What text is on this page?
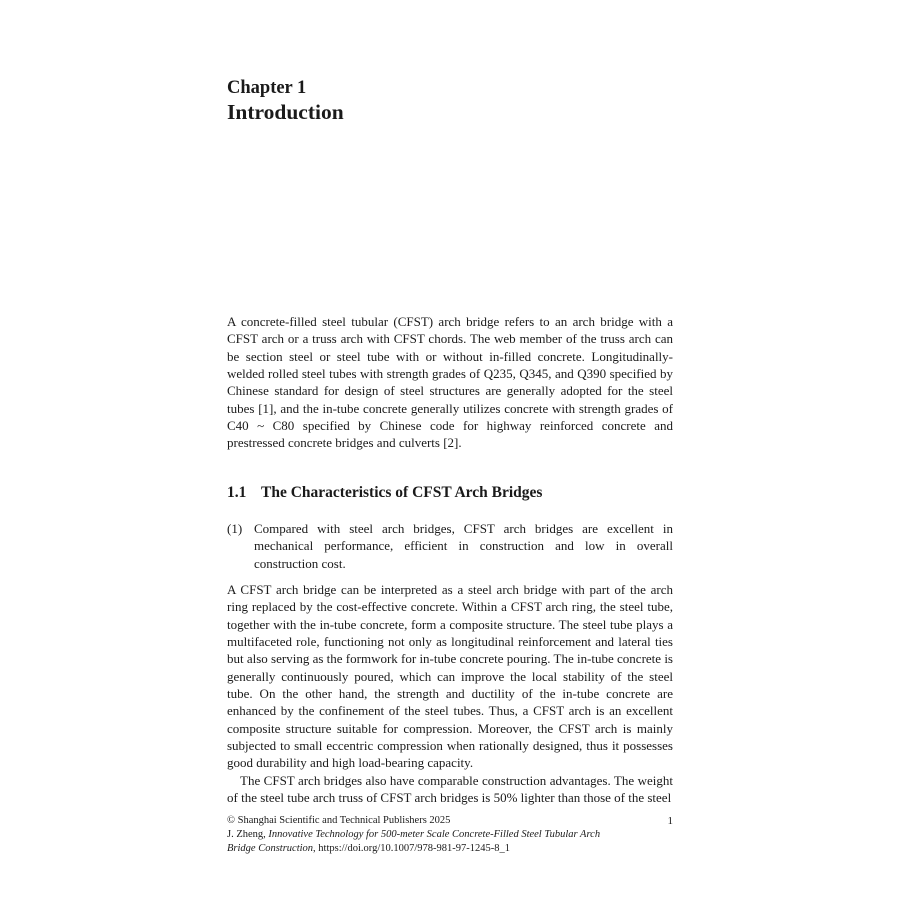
Chapter 1
Introduction
A concrete-filled steel tubular (CFST) arch bridge refers to an arch bridge with a CFST arch or a truss arch with CFST chords. The web member of the truss arch can be section steel or steel tube with or without in-filled concrete. Longitudinally-welded rolled steel tubes with strength grades of Q235, Q345, and Q390 specified by Chinese standard for design of steel structures are generally adopted for the steel tubes [1], and the in-tube concrete generally utilizes concrete with strength grades of C40 ~ C80 specified by Chinese code for highway reinforced concrete and prestressed concrete bridges and culverts [2].
1.1 The Characteristics of CFST Arch Bridges
(1) Compared with steel arch bridges, CFST arch bridges are excellent in mechanical performance, efficient in construction and low in overall construction cost.

A CFST arch bridge can be interpreted as a steel arch bridge with part of the arch ring replaced by the cost-effective concrete. Within a CFST arch ring, the steel tube, together with the in-tube concrete, form a composite structure. The steel tube plays a multifaceted role, functioning not only as longitudinal reinforcement and lateral ties but also serving as the formwork for in-tube concrete pouring. The in-tube concrete is generally continuously poured, which can improve the local stability of the steel tube. On the other hand, the strength and ductility of the in-tube concrete are enhanced by the confinement of the steel tubes. Thus, a CFST arch is an excellent composite structure suitable for compression. Moreover, the CFST arch is mainly subjected to small eccentric compression when rationally designed, thus it possesses good durability and high load-bearing capacity.

The CFST arch bridges also have comparable construction advantages. The weight of the steel tube arch truss of CFST arch bridges is 50% lighter than those of the steel

© Shanghai Scientific and Technical Publishers 2025	1
J. Zheng, Innovative Technology for 500-meter Scale Concrete-Filled Steel Tubular Arch Bridge Construction, https://doi.org/10.1007/978-981-97-1245-8_1
